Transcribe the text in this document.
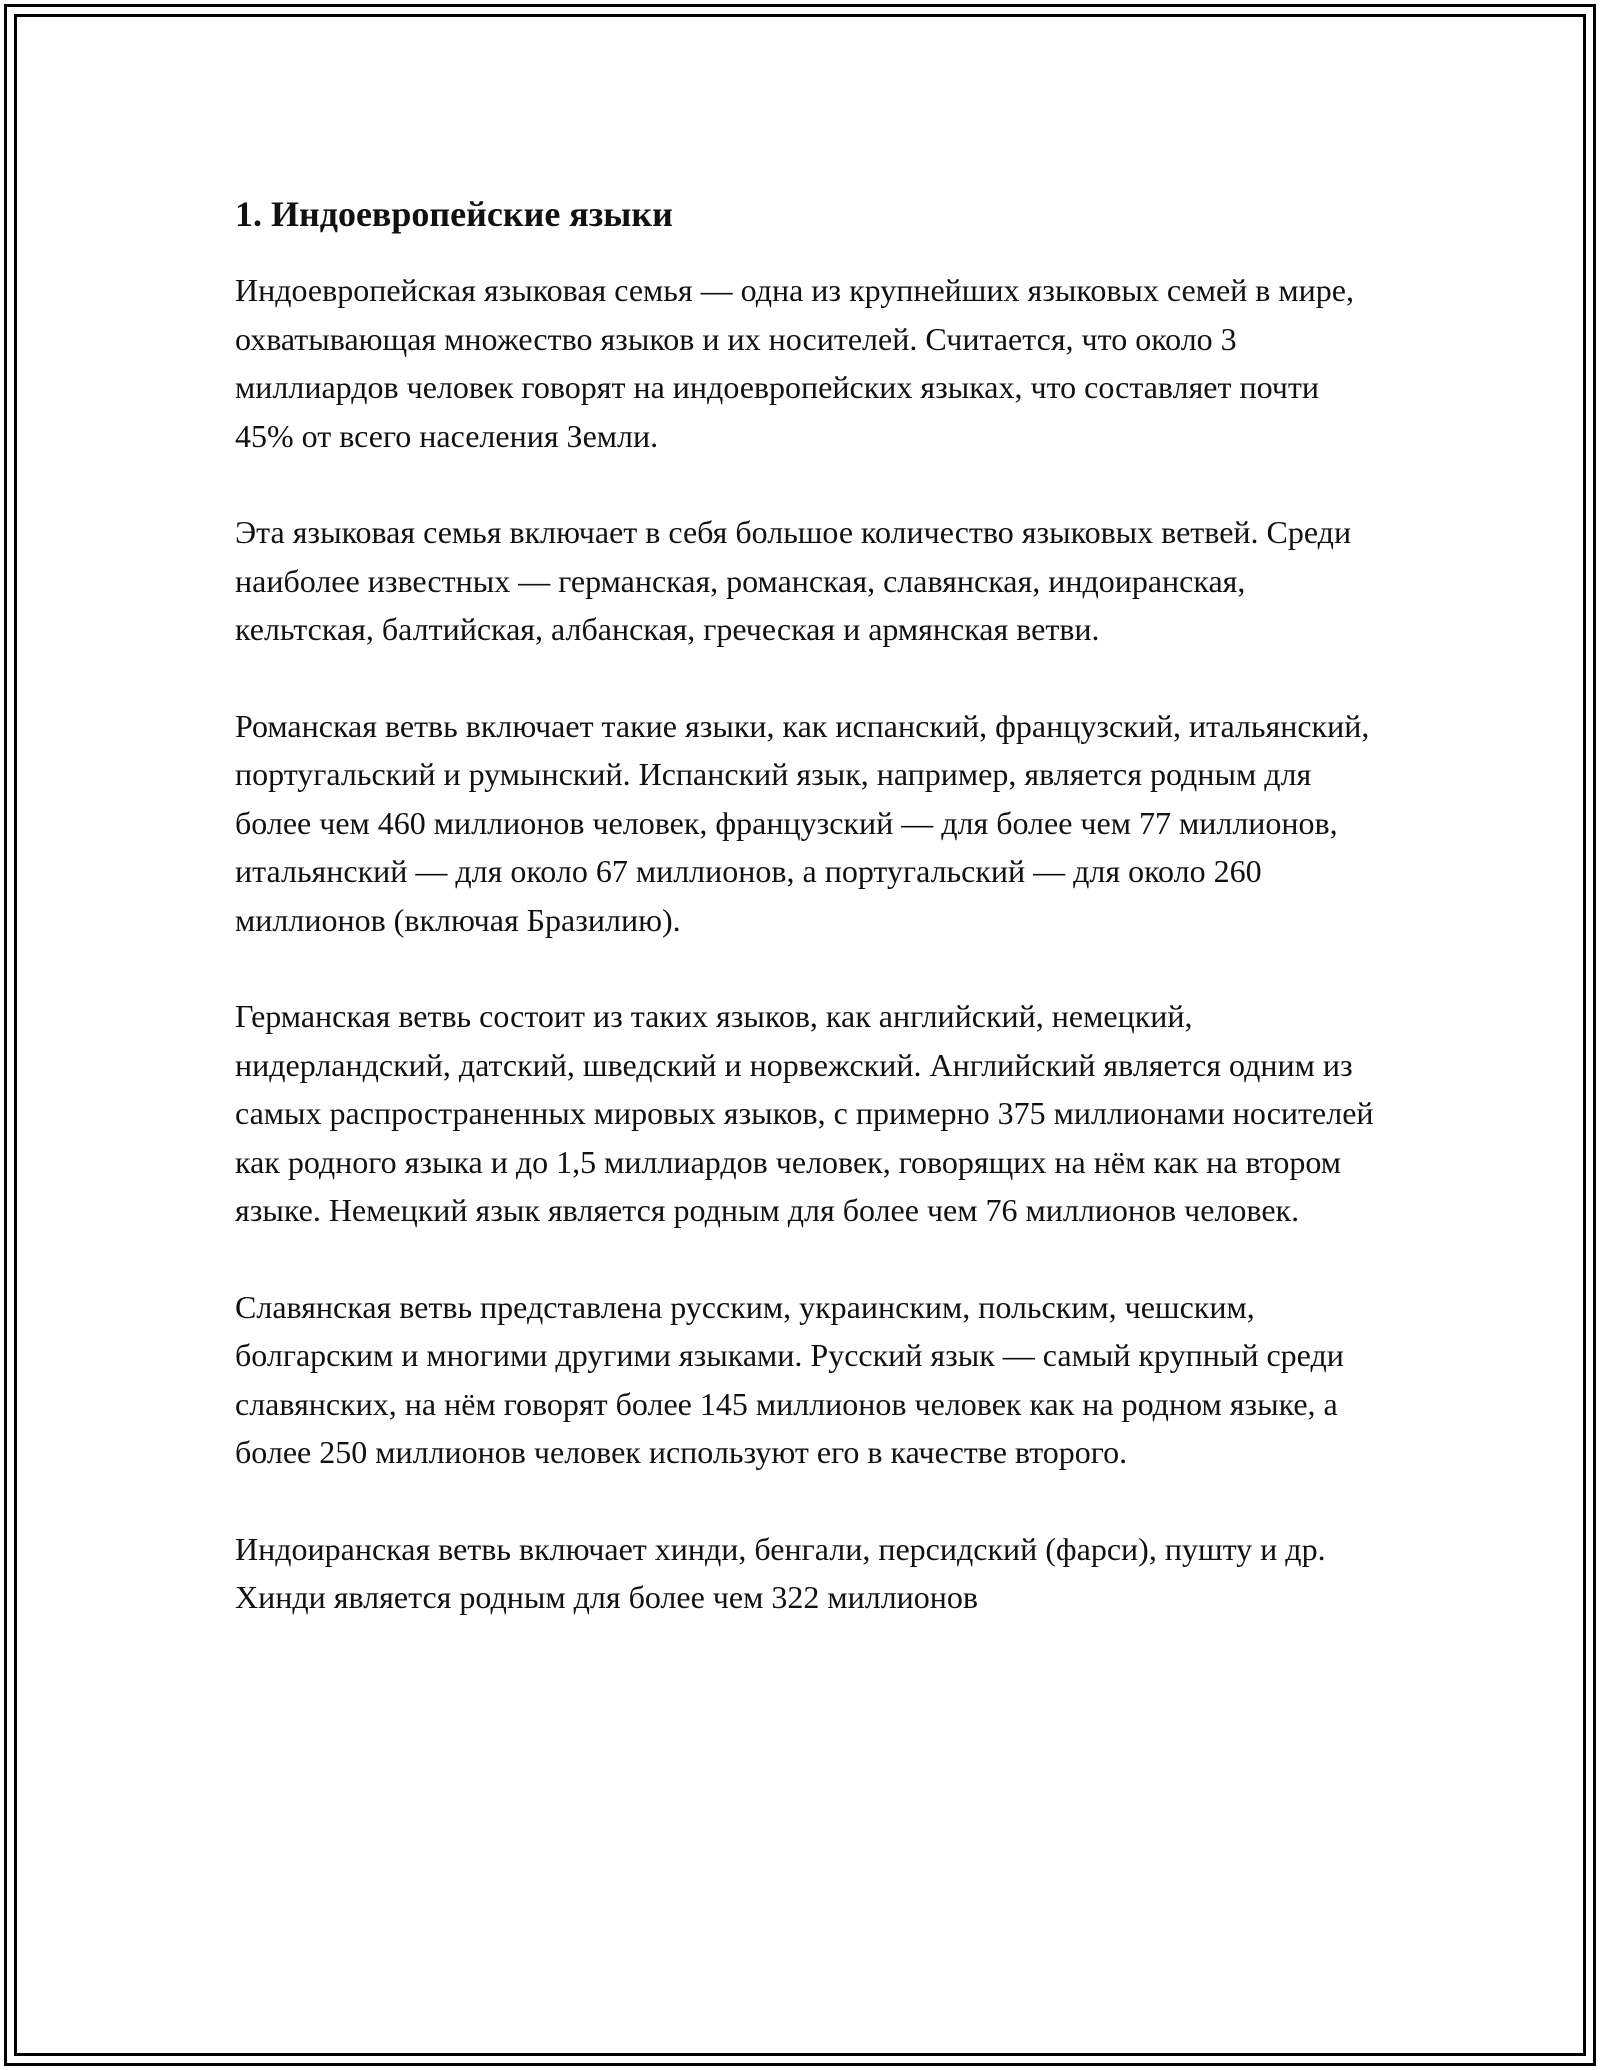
1. Индоевропейские языки

Индоевропейская языковая семья — одна из крупнейших языковых семей в мире, охватывающая множество языков и их носителей. Считается, что около 3 миллиардов человек говорят на индоевропейских языках, что составляет почти 45% от всего населения Земли.

Эта языковая семья включает в себя большое количество языковых ветвей. Среди наиболее известных — германская, романская, славянская, индоиранская, кельтская, балтийская, албанская, греческая и армянская ветви.

Романская ветвь включает такие языки, как испанский, французский, итальянский, португальский и румынский. Испанский язык, например, является родным для более чем 460 миллионов человек, французский — для более чем 77 миллионов, итальянский — для около 67 миллионов, а португальский — для около 260 миллионов (включая Бразилию).

Германская ветвь состоит из таких языков, как английский, немецкий, нидерландский, датский, шведский и норвежский. Английский является одним из самых распространенных мировых языков, с примерно 375 миллионами носителей как родного языка и до 1,5 миллиардов человек, говорящих на нём как на втором языке. Немецкий язык является родным для более чем 76 миллионов человек.

Славянская ветвь представлена русским, украинским, польским, чешским, болгарским и многими другими языками. Русский язык — самый крупный среди славянских, на нём говорят более 145 миллионов человек как на родном языке, а более 250 миллионов человек используют его в качестве второго.

Индоиранская ветвь включает хинди, бенгали, персидский (фарси), пушту и др. Хинди является родным для более чем 322 миллионов
